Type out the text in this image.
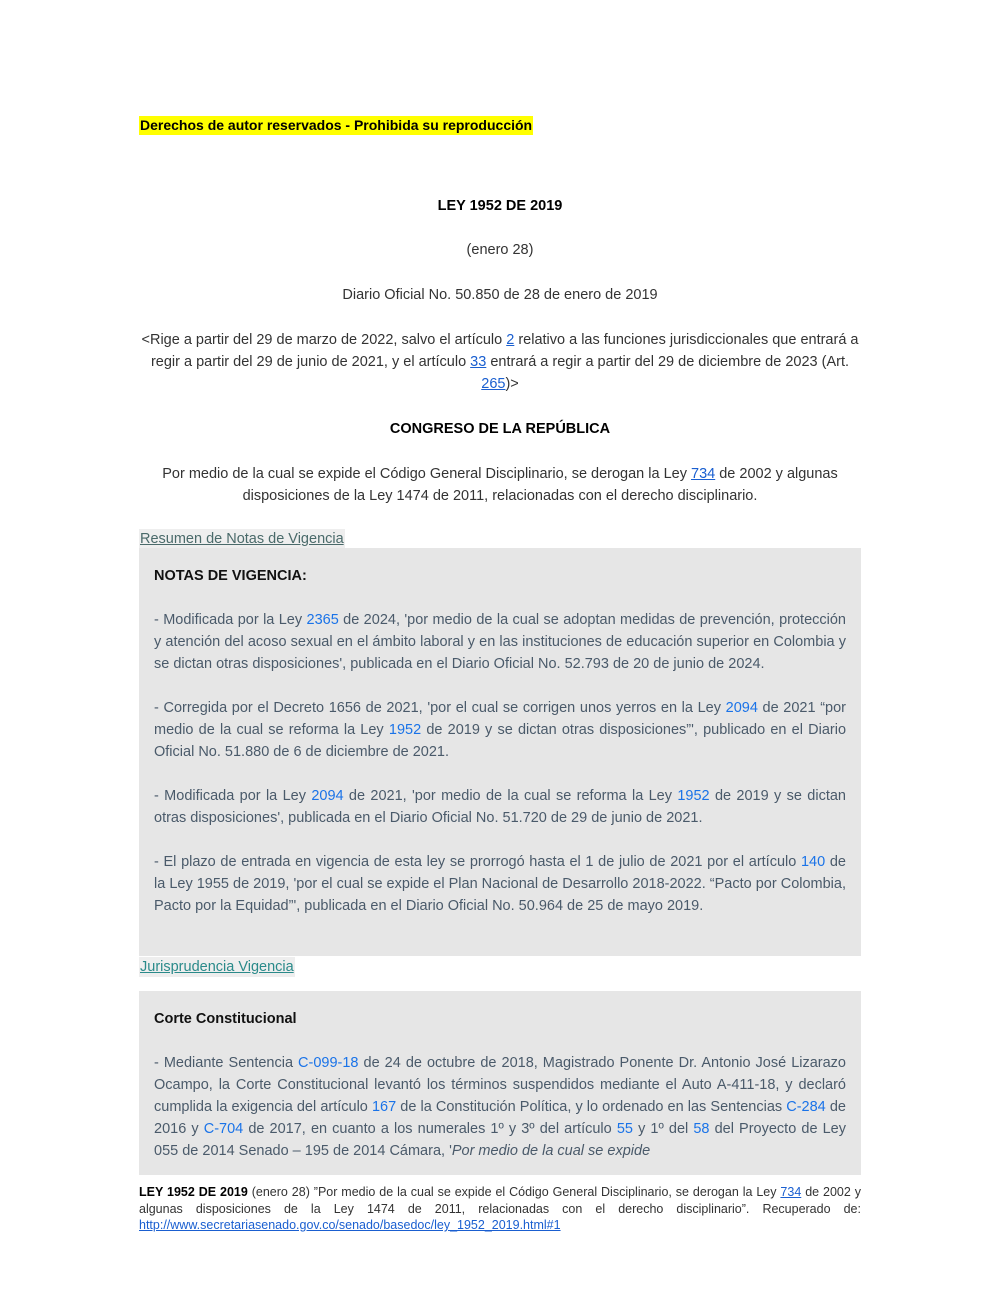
Derechos de autor reservados - Prohibida su reproducción
LEY 1952 DE 2019
(enero 28)
Diario Oficial No. 50.850 de 28 de enero de 2019
<Rige a partir del 29 de marzo de 2022, salvo el artículo 2 relativo a las funciones jurisdiccionales que entrará a regir a partir del 29 de junio de 2021, y el artículo 33 entrará a regir a partir del 29 de diciembre de 2023 (Art. 265)>
CONGRESO DE LA REPÚBLICA
Por medio de la cual se expide el Código General Disciplinario, se derogan la Ley 734 de 2002 y algunas disposiciones de la Ley 1474 de 2011, relacionadas con el derecho disciplinario.
Resumen de Notas de Vigencia
NOTAS DE VIGENCIA:
- Modificada por la Ley 2365 de 2024, 'por medio de la cual se adoptan medidas de prevención, protección y atención del acoso sexual en el ámbito laboral y en las instituciones de educación superior en Colombia y se dictan otras disposiciones', publicada en el Diario Oficial No. 52.793 de 20 de junio de 2024.
- Corregida por el Decreto 1656 de 2021, 'por el cual se corrigen unos yerros en la Ley 2094 de 2021 “por medio de la cual se reforma la Ley 1952 de 2019 y se dictan otras disposiciones”', publicado en el Diario Oficial No. 51.880 de 6 de diciembre de 2021.
- Modificada por la Ley 2094 de 2021, 'por medio de la cual se reforma la Ley 1952 de 2019 y se dictan otras disposiciones', publicada en el Diario Oficial No. 51.720 de 29 de junio de 2021.
- El plazo de entrada en vigencia de esta ley se prorrogó hasta el 1 de julio de 2021 por el artículo 140 de la Ley 1955 de 2019, 'por el cual se expide el Plan Nacional de Desarrollo 2018-2022. “Pacto por Colombia, Pacto por la Equidad”', publicada en el Diario Oficial No. 50.964 de 25 de mayo 2019.
Jurisprudencia Vigencia
Corte Constitucional
- Mediante Sentencia C-099-18 de 24 de octubre de 2018, Magistrado Ponente Dr. Antonio José Lizarazo Ocampo, la Corte Constitucional levantó los términos suspendidos mediante el Auto A-411-18, y declaró cumplida la exigencia del artículo 167 de la Constitución Política, y lo ordenado en las Sentencias C-284 de 2016 y C-704 de 2017, en cuanto a los numerales 1º y 3º del artículo 55 y 1º del 58 del Proyecto de Ley 055 de 2014 Senado – 195 de 2014 Cámara, 'Por medio de la cual se expide
LEY 1952 DE 2019 (enero 28) ”Por medio de la cual se expide el Código General Disciplinario, se derogan la Ley 734 de 2002 y algunas disposiciones de la Ley 1474 de 2011, relacionadas con el derecho disciplinario”. Recuperado de: http://www.secretariasenado.gov.co/senado/basedoc/ley_1952_2019.html#1
